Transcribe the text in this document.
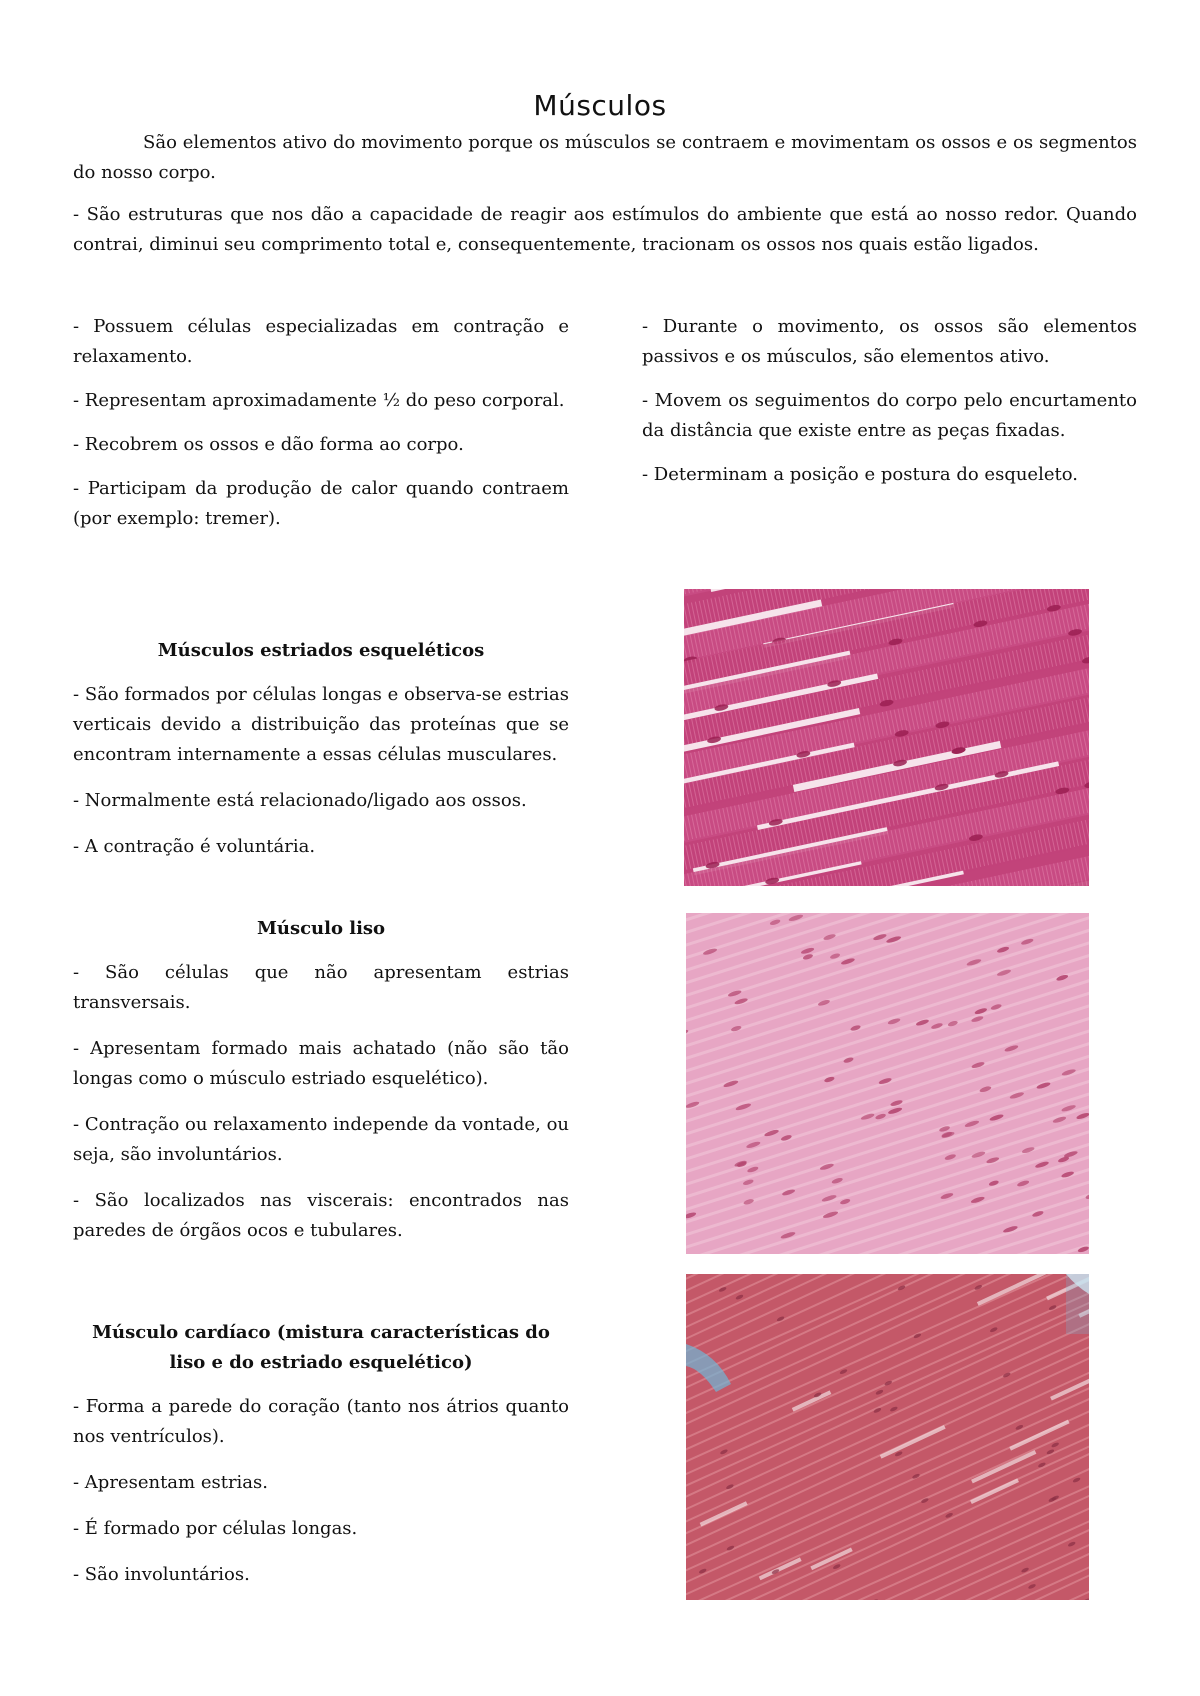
Músculos

São elementos ativo do movimento porque os músculos se contraem e movimentam os ossos e os segmentos do nosso corpo.

- São estruturas que nos dão a capacidade de reagir aos estímulos do ambiente que está ao nosso redor. Quando contrai, diminui seu comprimento total e, consequentemente, tracionam os ossos nos quais estão ligados.

- Possuem células especializadas em contração e relaxamento.

- Representam aproximadamente ½ do peso corporal.

- Recobrem os ossos e dão forma ao corpo.

- Participam da produção de calor quando contraem (por exemplo: tremer).

- Durante o movimento, os ossos são elementos passivos e os músculos, são elementos ativo.

- Movem os seguimentos do corpo pelo encurtamento da distância que existe entre as peças fixadas.

- Determinam a posição e postura do esqueleto.

Músculos estriados esqueléticos

- São formados por células longas e observa-se estrias verticais devido a distribuição das proteínas que se encontram internamente a essas células musculares.

- Normalmente está relacionado/ligado aos ossos.

- A contração é voluntária.

Músculo liso

- São células que não apresentam estrias transversais.

- Apresentam formado mais achatado (não são tão longas como o músculo estriado esquelético).

- Contração ou relaxamento independe da vontade, ou seja, são involuntários.

- São localizados nas viscerais: encontrados nas paredes de órgãos ocos e tubulares.

Músculo cardíaco (mistura características do liso e do estriado esquelético)

- Forma a parede do coração (tanto nos átrios quanto nos ventrículos).

- Apresentam estrias.

- É formado por células longas.

- São involuntários.
